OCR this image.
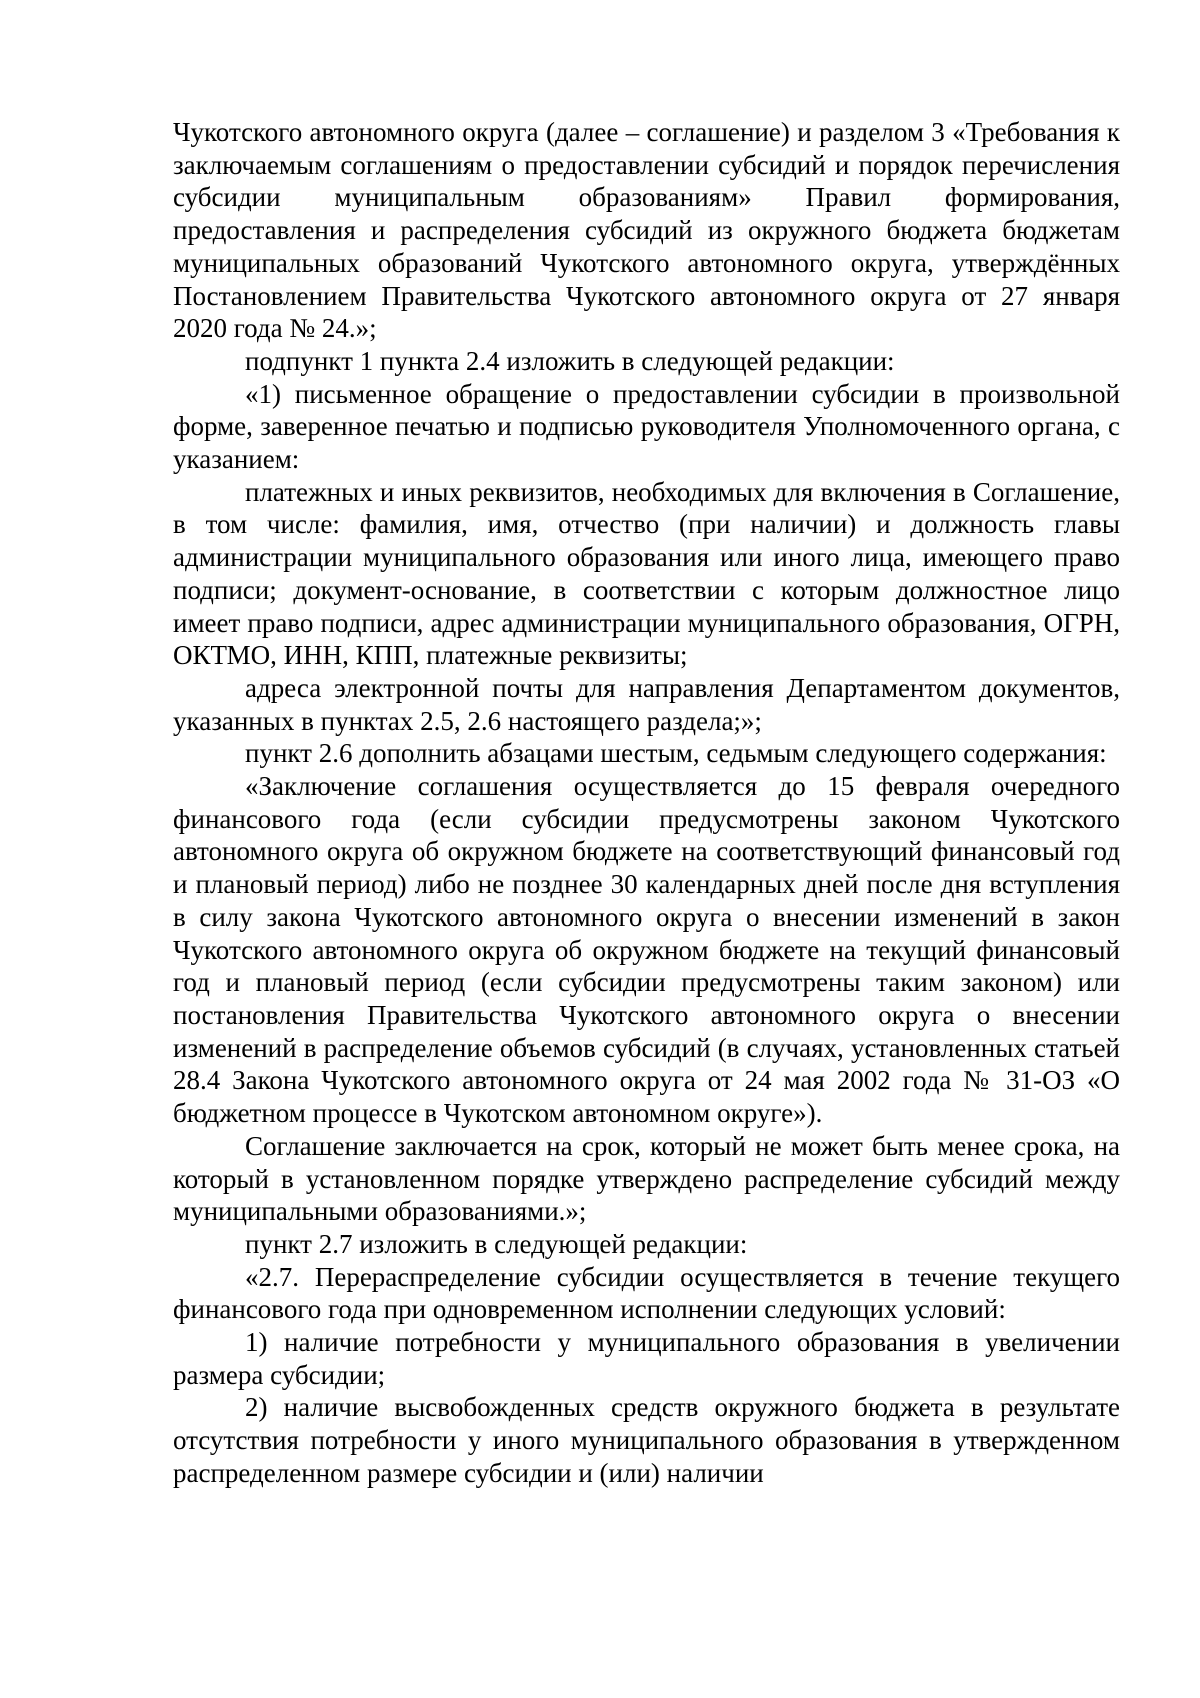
Чукотского автономного округа (далее – соглашение) и разделом 3 «Требования к заключаемым соглашениям о предоставлении субсидий и порядок перечисления субсидии муниципальным образованиям» Правил формирования, предоставления и распределения субсидий из окружного бюджета бюджетам муниципальных образований Чукотского автономного округа, утверждённых Постановлением Правительства Чукотского автономного округа от 27 января 2020 года № 24.»;

подпункт 1 пункта 2.4 изложить в следующей редакции:

«1) письменное обращение о предоставлении субсидии в произвольной форме, заверенное печатью и подписью руководителя Уполномоченного органа, с указанием:

платежных и иных реквизитов, необходимых для включения в Соглашение, в том числе: фамилия, имя, отчество (при наличии) и должность главы администрации муниципального образования или иного лица, имеющего право подписи; документ-основание, в соответствии с которым должностное лицо имеет право подписи, адрес администрации муниципального образования, ОГРН, ОКТМО, ИНН, КПП, платежные реквизиты;

адреса электронной почты для направления Департаментом документов, указанных в пунктах 2.5, 2.6 настоящего раздела;»;

пункт 2.6 дополнить абзацами шестым, седьмым следующего содержания:

«Заключение соглашения осуществляется до 15 февраля очередного финансового года (если субсидии предусмотрены законом Чукотского автономного округа об окружном бюджете на соответствующий финансовый год и плановый период) либо не позднее 30 календарных дней после дня вступления в силу закона Чукотского автономного округа о внесении изменений в закон Чукотского автономного округа об окружном бюджете на текущий финансовый год и плановый период (если субсидии предусмотрены таким законом) или постановления Правительства Чукотского автономного округа о внесении изменений в распределение объемов субсидий (в случаях, установленных статьей 28.4 Закона Чукотского автономного округа от 24 мая 2002 года № 31-ОЗ «О бюджетном процессе в Чукотском автономном округе»).

Соглашение заключается на срок, который не может быть менее срока, на который в установленном порядке утверждено распределение субсидий между муниципальными образованиями.»;

пункт 2.7 изложить в следующей редакции:

«2.7. Перераспределение субсидии осуществляется в течение текущего финансового года при одновременном исполнении следующих условий:

1) наличие потребности у муниципального образования в увеличении размера субсидии;

2) наличие высвобожденных средств окружного бюджета в результате отсутствия потребности у иного муниципального образования в утвержденном распределенном размере субсидии и (или) наличии
